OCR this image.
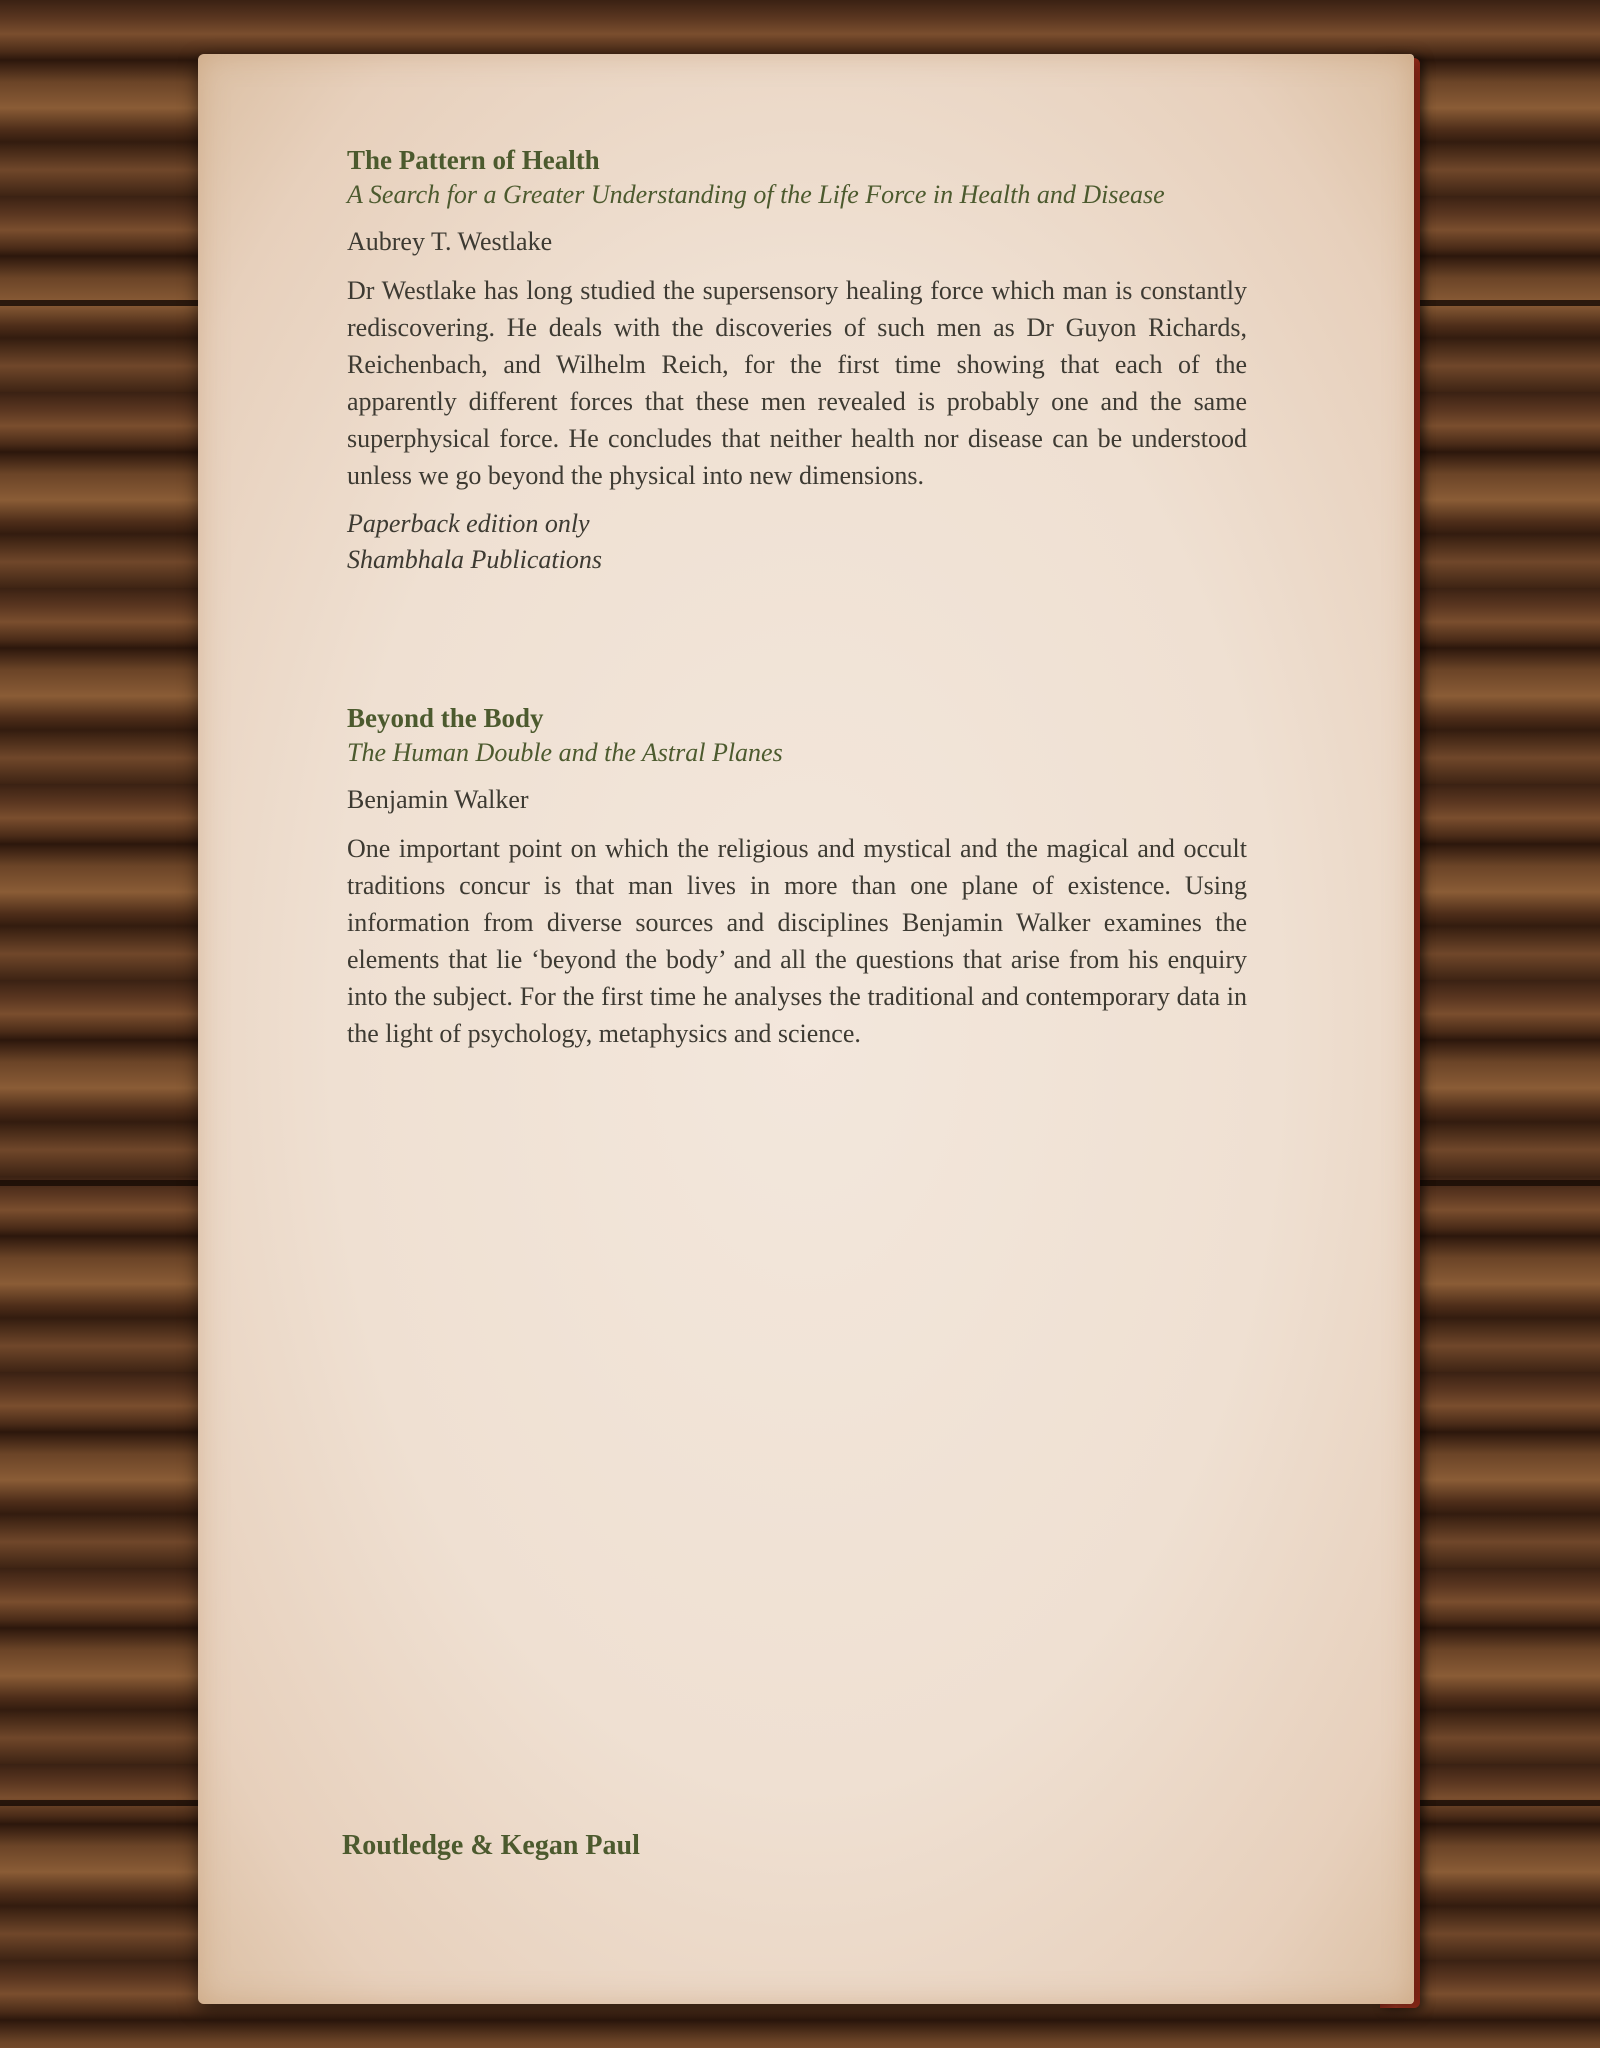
The Pattern of Health

A Search for a Greater Understanding of the Life Force in Health and Disease

Aubrey T. Westlake

Dr Westlake has long studied the supersensory healing force which man is constantly rediscovering. He deals with the discoveries of such men as Dr Guyon Richards, Reichenbach, and Wilhelm Reich, for the first time showing that each of the apparently different forces that these men revealed is probably one and the same superphysical force. He concludes that neither health nor disease can be understood unless we go beyond the physical into new dimensions.

Paperback edition only
Shambhala Publications

Beyond the Body

The Human Double and the Astral Planes

Benjamin Walker

One important point on which the religious and mystical and the magical and occult traditions concur is that man lives in more than one plane of existence. Using information from diverse sources and disciplines Benjamin Walker examines the elements that lie ‘beyond the body’ and all the questions that arise from his enquiry into the subject. For the first time he analyses the traditional and contemporary data in the light of psychology, metaphysics and science.

Routledge & Kegan Paul
